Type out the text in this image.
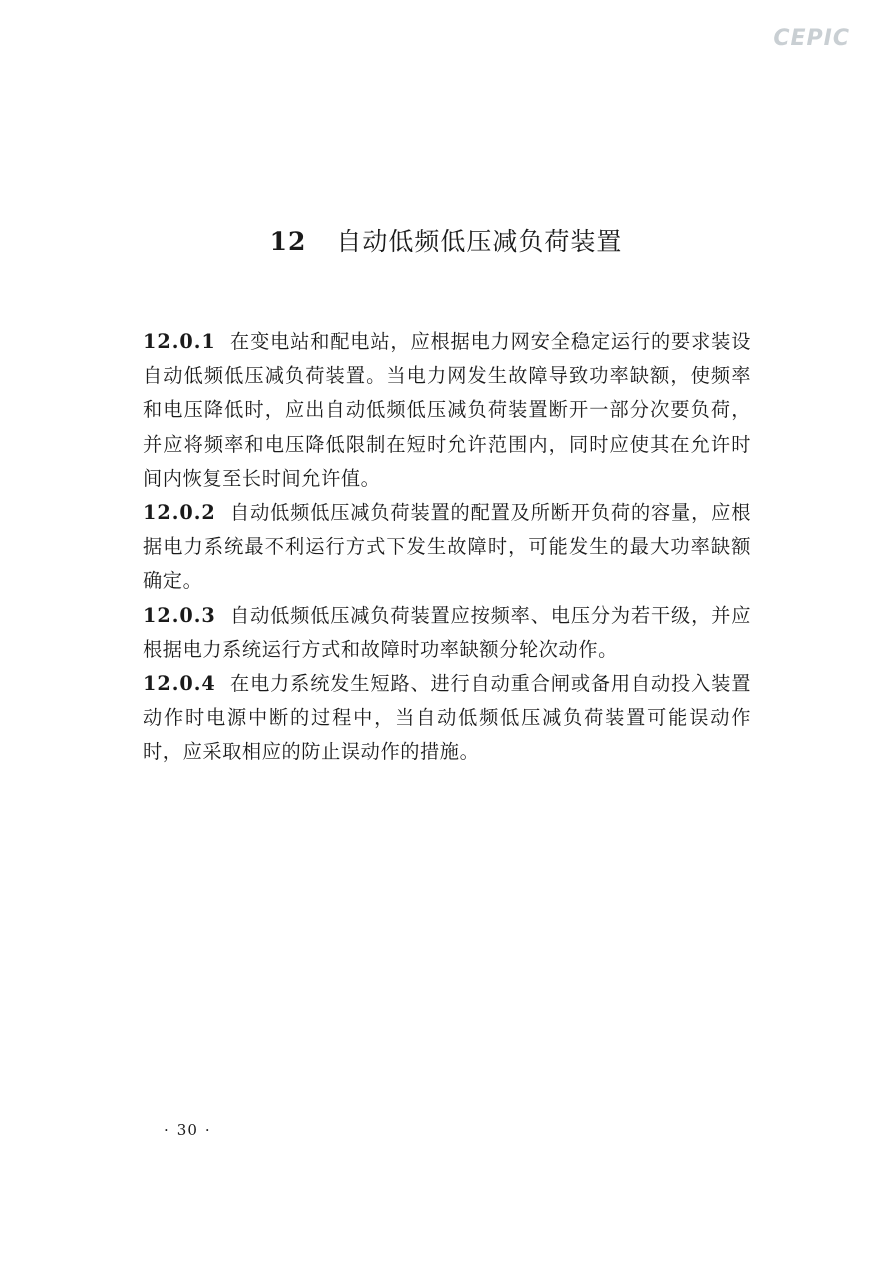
CEPIC
12 自动低频低压减负荷装置

12.0.1 在变电站和配电站，应根据电力网安全稳定运行的要求装设自动低频低压减负荷装置。当电力网发生故障导致功率缺额，使频率和电压降低时，应出自动低频低压减负荷装置断开一部分次要负荷，并应将频率和电压降低限制在短时允许范围内，同时应使其在允许时间内恢复至长时间允许值。

12.0.2 自动低频低压减负荷装置的配置及所断开负荷的容量，应根据电力系统最不利运行方式下发生故障时，可能发生的最大功率缺额确定。

12.0.3 自动低频低压减负荷装置应按频率、电压分为若干级，并应根据电力系统运行方式和故障时功率缺额分轮次动作。

12.0.4 在电力系统发生短路、进行自动重合闸或备用自动投入装置动作时电源中断的过程中，当自动低频低压减负荷装置可能误动作时，应采取相应的防止误动作的措施。

· 30 ·
